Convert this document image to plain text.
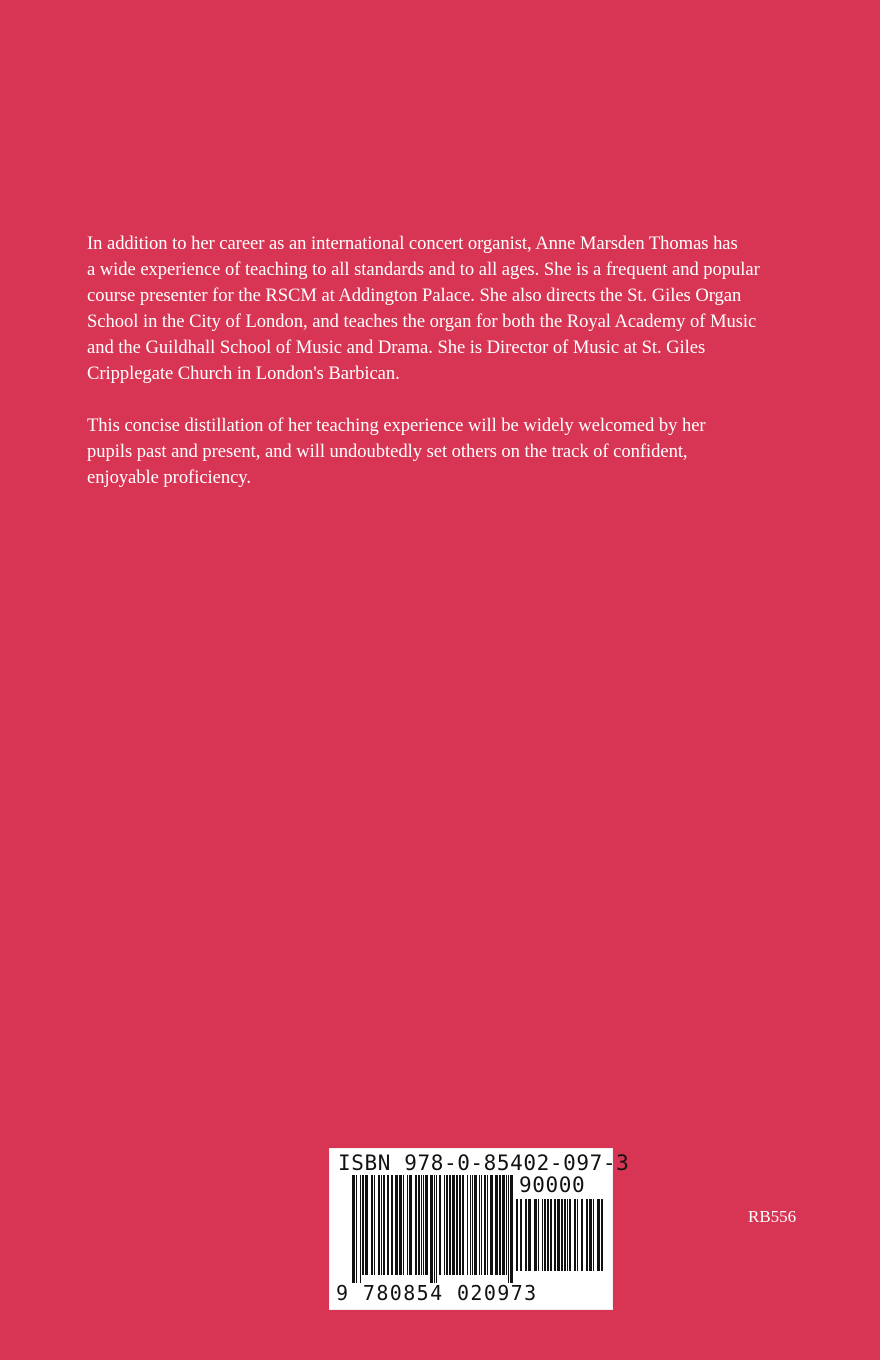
In addition to her career as an international concert organist, Anne Marsden Thomas has
a wide experience of teaching to all standards and to all ages. She is a frequent and popular
course presenter for the RSCM at Addington Palace. She also directs the St. Giles Organ
School in the City of London, and teaches the organ for both the Royal Academy of Music
and the Guildhall School of Music and Drama. She is Director of Music at St. Giles
Cripplegate Church in London's Barbican.

This concise distillation of her teaching experience will be widely welcomed by her
pupils past and present, and will undoubtedly set others on the track of confident,
enjoyable proficiency.

ISBN 978-0-85402-097-3
90000
9 780854 020973
RB556
